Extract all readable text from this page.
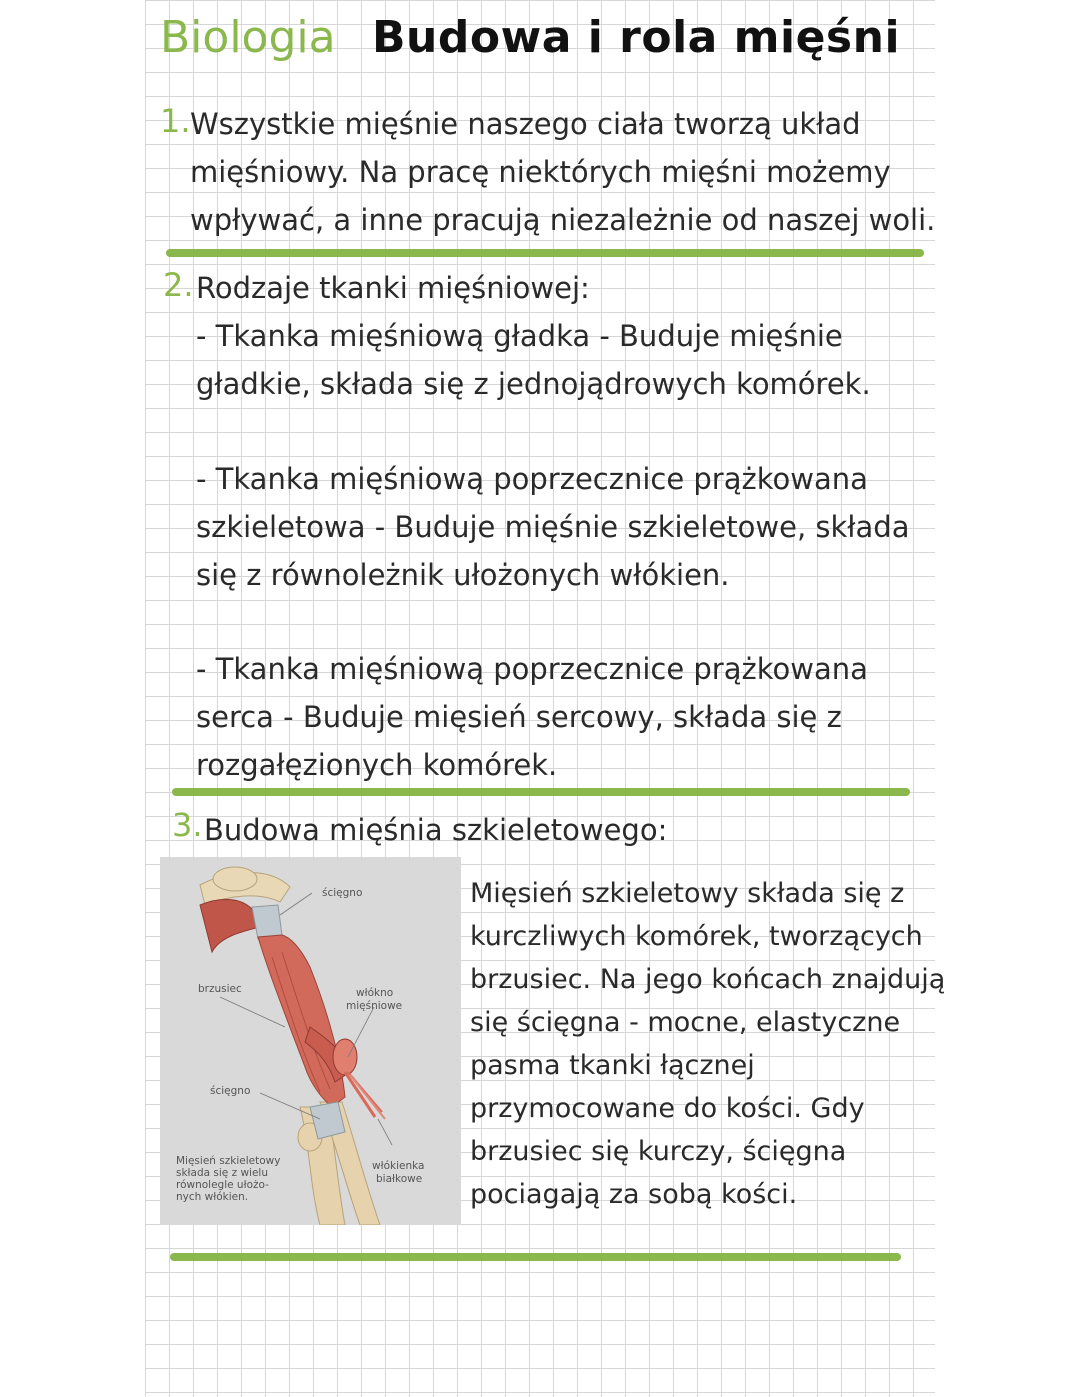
Biologia Budowa i rola mięśni
1. Wszystkie mięśnie naszego ciała tworzą układ
mięśniowy. Na pracę niektórych mięśni możemy
wpływać, a inne pracują niezależnie od naszej woli.
2. Rodzaje tkanki mięśniowej:
- Tkanka mięśniową gładka - Buduje mięśnie
gładkie, składa się z jednojądrowych komórek.
- Tkanka mięśniową poprzecznice prążkowana
szkieletowa - Buduje mięśnie szkieletowe, składa
się z równoleżnik ułożonych włókien.
- Tkanka mięśniową poprzecznice prążkowana
serca - Buduje mięsień sercowy, składa się z
rozgałęzionych komórek.
3. Budowa mięśnia szkieletowego:
ścięgno
brzusiec	włókno
mięśniowe
ścięgno
włókienka
białkowe
Mięsień szkieletowy
składa się z wielu
równolegle ułożo-
nych włókien.
Mięsień szkieletowy składa się z
kurczliwych komórek, tworzących
brzusiec. Na jego końcach znajdują
się ścięgna - mocne, elastyczne
pasma tkanki łącznej
przymocowane do kości. Gdy
brzusiec się kurczy, ścięgna
pociagają za sobą kości.
